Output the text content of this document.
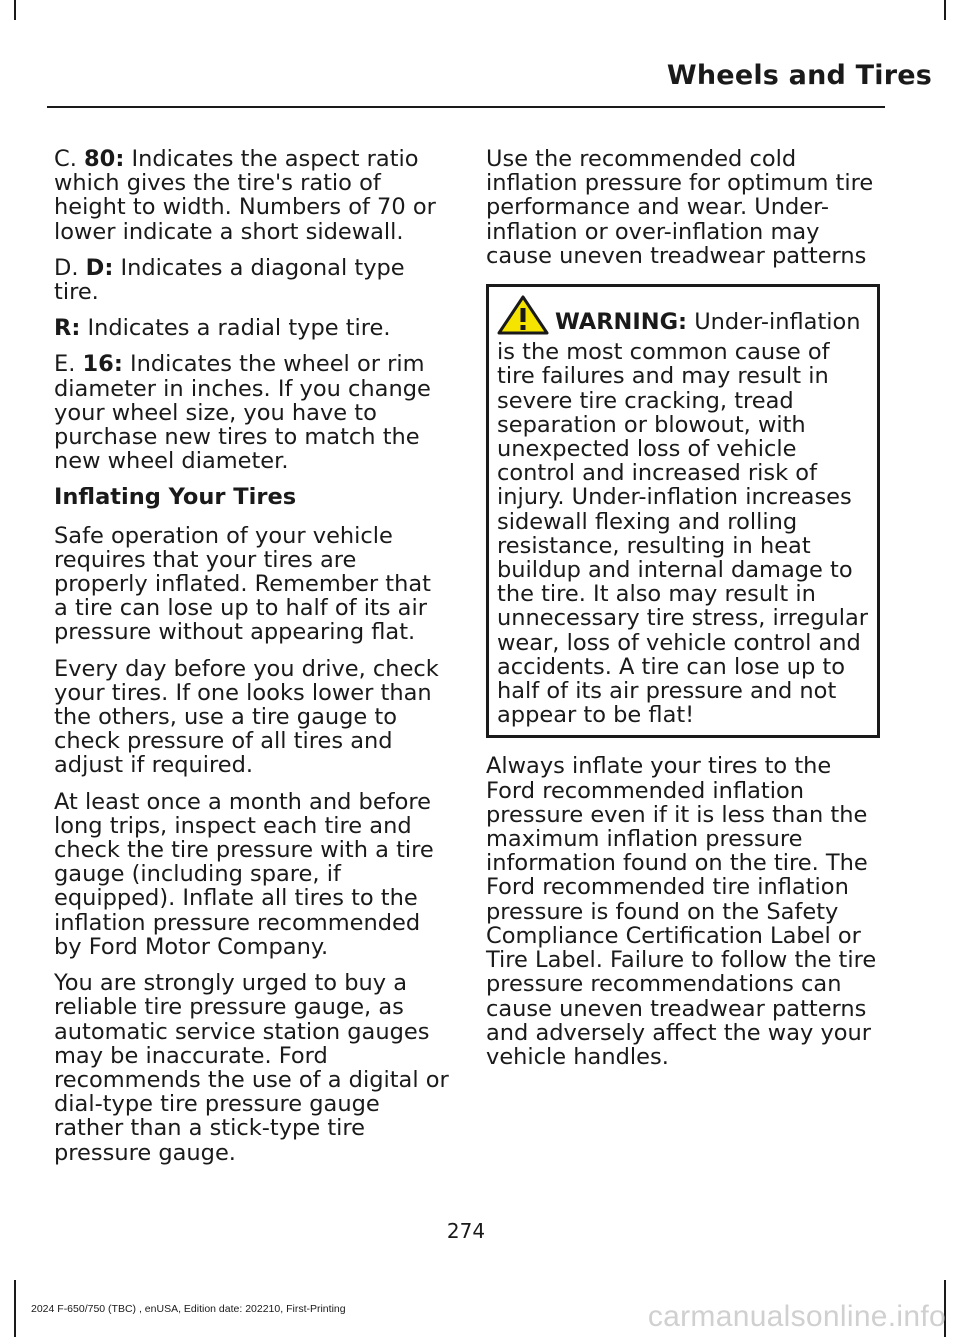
Wheels and Tires

C. 80: Indicates the aspect ratio which gives the tire's ratio of height to width. Numbers of 70 or lower indicate a short sidewall.

D. D: Indicates a diagonal type tire.

R: Indicates a radial type tire.

E. 16: Indicates the wheel or rim diameter in inches. If you change your wheel size, you have to purchase new tires to match the new wheel diameter.

Inflating Your Tires

Safe operation of your vehicle requires that your tires are properly inflated. Remember that a tire can lose up to half of its air pressure without appearing flat.

Every day before you drive, check your tires. If one looks lower than the others, use a tire gauge to check pressure of all tires and adjust if required.

At least once a month and before long trips, inspect each tire and check the tire pressure with a tire gauge (including spare, if equipped). Inflate all tires to the inflation pressure recommended by Ford Motor Company.

You are strongly urged to buy a reliable tire pressure gauge, as automatic service station gauges may be inaccurate. Ford recommends the use of a digital or dial-type tire pressure gauge rather than a stick-type tire pressure gauge.

Use the recommended cold inflation pressure for optimum tire performance and wear. Under-inflation or over-inflation may cause uneven treadwear patterns

WARNING: Under-inflation is the most common cause of tire failures and may result in severe tire cracking, tread separation or blowout, with unexpected loss of vehicle control and increased risk of injury. Under-inflation increases sidewall flexing and rolling resistance, resulting in heat buildup and internal damage to the tire. It also may result in unnecessary tire stress, irregular wear, loss of vehicle control and accidents. A tire can lose up to half of its air pressure and not appear to be flat!

Always inflate your tires to the Ford recommended inflation pressure even if it is less than the maximum inflation pressure information found on the tire. The Ford recommended tire inflation pressure is found on the Safety Compliance Certification Label or Tire Label. Failure to follow the tire pressure recommendations can cause uneven treadwear patterns and adversely affect the way your vehicle handles.

274
2024 F-650/750 (TBC) , enUSA, Edition date: 202210, First-Printing	carmanualsonline.info
